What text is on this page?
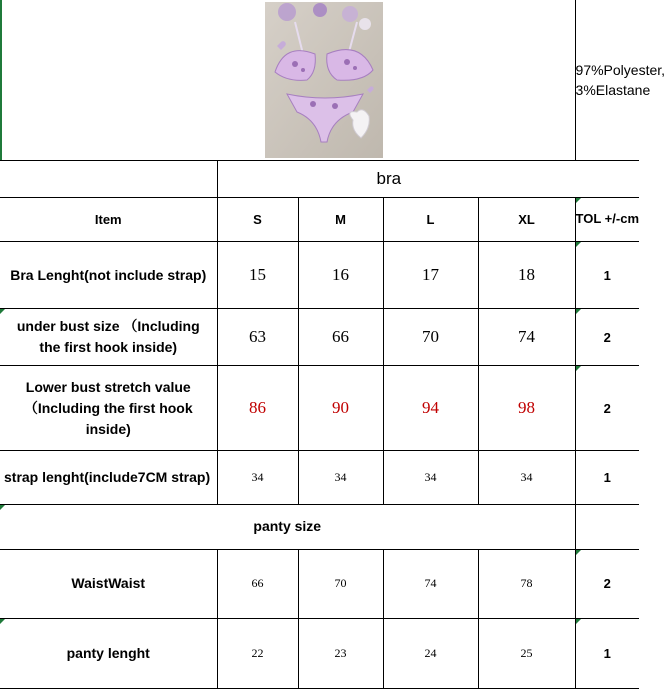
97%Polyester,
3%Elastane

	bra				
Item	S	M	L	XL	TOL +/-cm
Bra Lenght(not include strap)	15	16	17	18	1
under bust size （Including the first hook inside)	63	66	70	74	2
Lower bust stretch value （Including the first hook inside)	86	90	94	98	2
strap lenght(include7CM strap)	34	34	34	34	1
panty size					
WaistWaist	66	70	74	78	2
panty lenght	22	23	24	25	1
